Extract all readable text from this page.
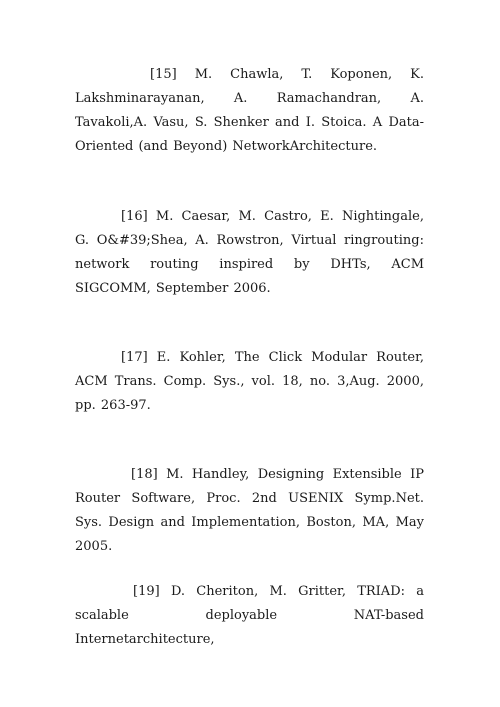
[15] M. Chawla, T. Koponen, K. Lakshminarayanan, A. Ramachandran, A. Tavakoli,A. Vasu, S. Shenker and I. Stoica. A Data-Oriented (and Beyond) NetworkArchitecture.

[16] M. Caesar, M. Castro, E. Nightingale, G. O&#39;Shea, A. Rowstron, Virtual ringrouting: network routing inspired by DHTs, ACM SIGCOMM, September 2006.

[17] E. Kohler, The Click Modular Router, ACM Trans. Comp. Sys., vol. 18, no. 3,Aug. 2000, pp. 263-97.

[18] M. Handley, Designing Extensible IP Router Software, Proc. 2nd USENIX Symp.Net. Sys. Design and Implementation, Boston, MA, May 2005.

[19] D. Cheriton, M. Gritter, TRIAD: a scalable deployable NAT-based Internetarchitecture,
